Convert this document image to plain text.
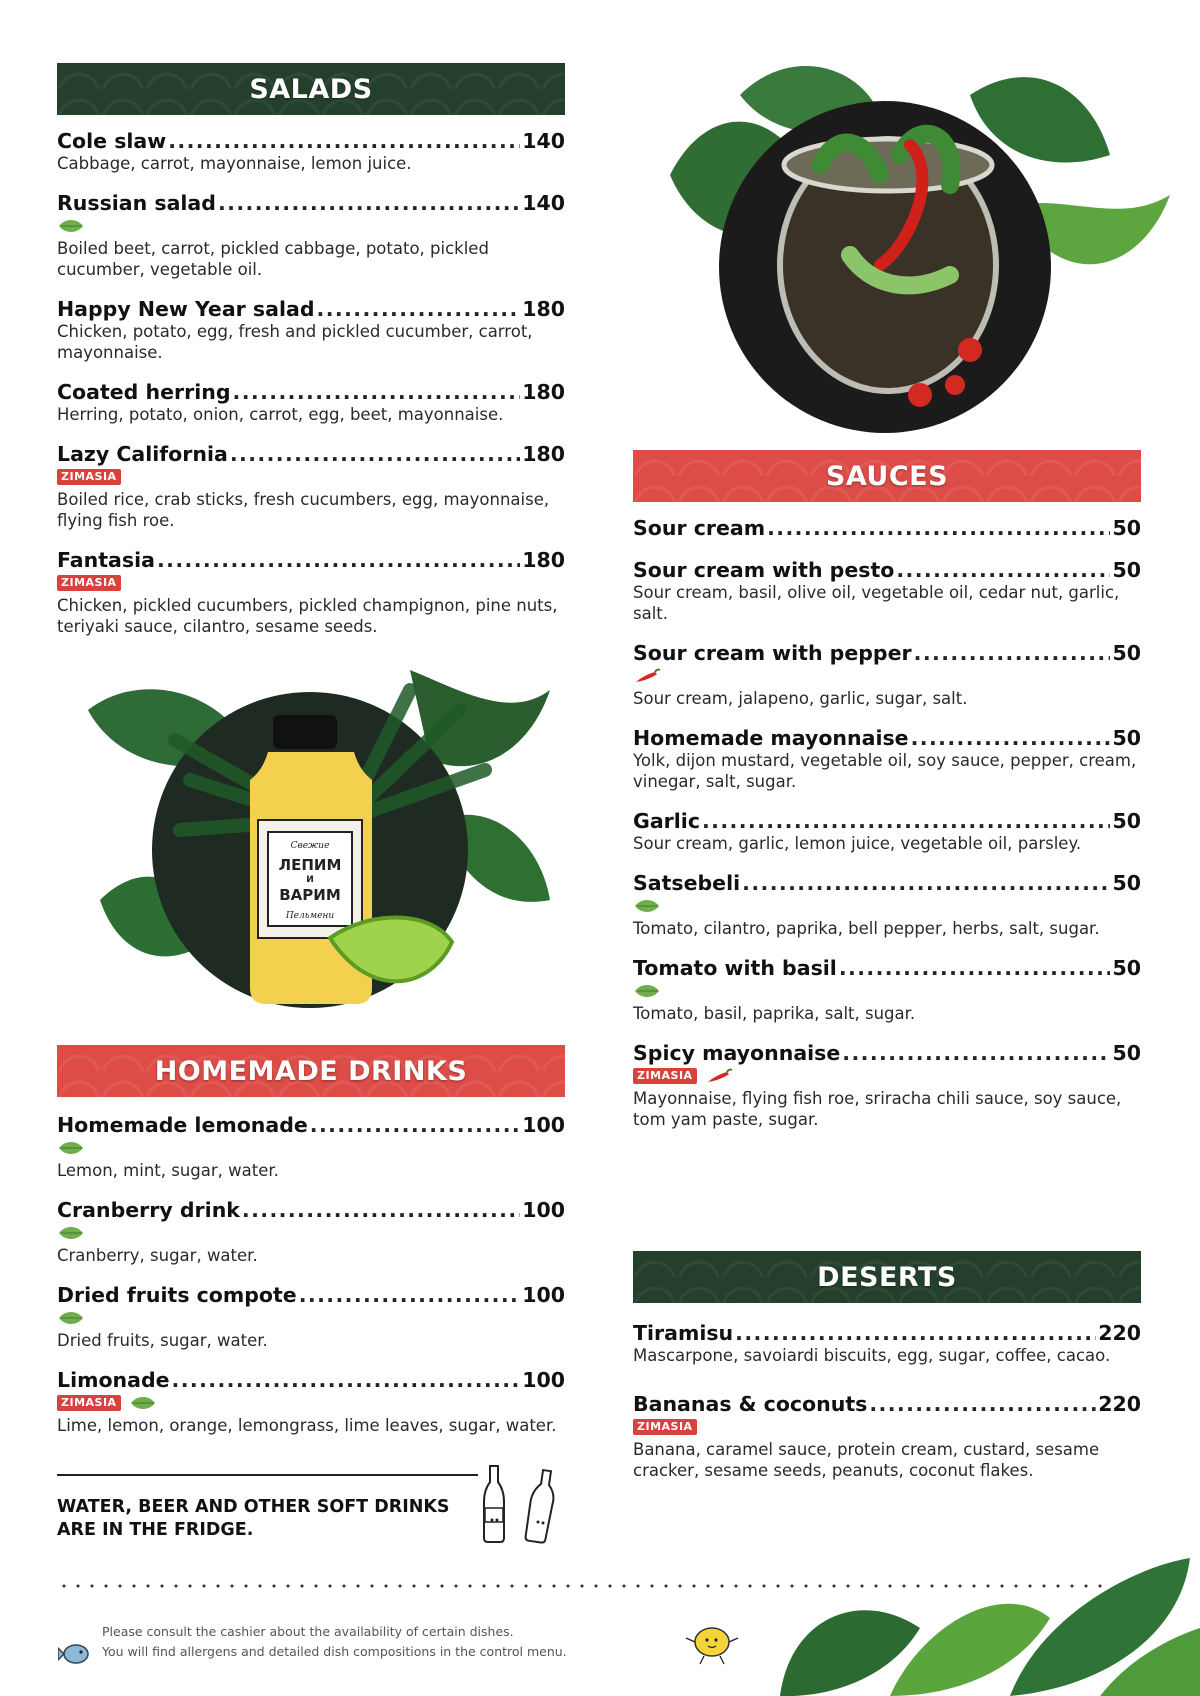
SALADS
Cole slaw .....	140
Cabbage, carrot, mayonnaise, lemon juice.
Russian salad .....	140
Boiled beet, carrot, pickled cabbage, potato, pickled cucumber, vegetable oil.
Happy New Year salad .....	180
Chicken, potato, egg, fresh and pickled cucumber, carrot, mayonnaise.
Coated herring .....	180
Herring, potato, onion, carrot, egg, beet, mayonnaise.
Lazy California .....	180
ZIMASIA
Boiled rice, crab sticks, fresh cucumbers, egg, mayonnaise, flying fish roe.
Fantasia .....	180
ZIMASIA
Chicken, pickled cucumbers, pickled champignon, pine nuts, teriyaki sauce, cilantro, sesame seeds.
Свежие
ЛЕПИМ
И
ВАРИМ
Пельмени
HOMEMADE DRINKS
Homemade lemonade .....	100
Lemon, mint, sugar, water.
Cranberry drink .....	100
Cranberry, sugar, water.
Dried fruits compote .....	100
Dried fruits, sugar, water.
Limonade .....	100
ZIMASIA
Lime, lemon, orange, lemongrass, lime leaves, sugar, water.
WATER, BEER AND OTHER SOFT DRINKS
ARE IN THE FRIDGE.
SAUCES
Sour cream .....	50
Sour cream with pesto .....	50
Sour cream, basil, olive oil, vegetable oil, cedar nut, garlic, salt.
Sour cream with pepper .....	50
Sour cream, jalapeno, garlic, sugar, salt.
Homemade mayonnaise .....	50
Yolk, dijon mustard, vegetable oil, soy sauce, pepper, cream, vinegar, salt, sugar.
Garlic .....	50
Sour cream, garlic, lemon juice, vegetable oil, parsley.
Satsebeli .....	50
Tomato, cilantro, paprika, bell pepper, herbs, salt, sugar.
Tomato with basil .....	50
Tomato, basil, paprika, salt, sugar.
Spicy mayonnaise .....	50
ZIMASIA
Mayonnaise, flying fish roe, sriracha chili sauce, soy sauce, tom yam paste, sugar.
DESERTS
Tiramisu .....	220
Mascarpone, savoiardi biscuits, egg, sugar, coffee, cacao.
Bananas & coconuts .....	220
ZIMASIA
Banana, caramel sauce, protein cream, custard, sesame cracker, sesame seeds, peanuts, coconut flakes.
Please consult the cashier about the availability of certain dishes.
You will find allergens and detailed dish compositions in the control menu.
